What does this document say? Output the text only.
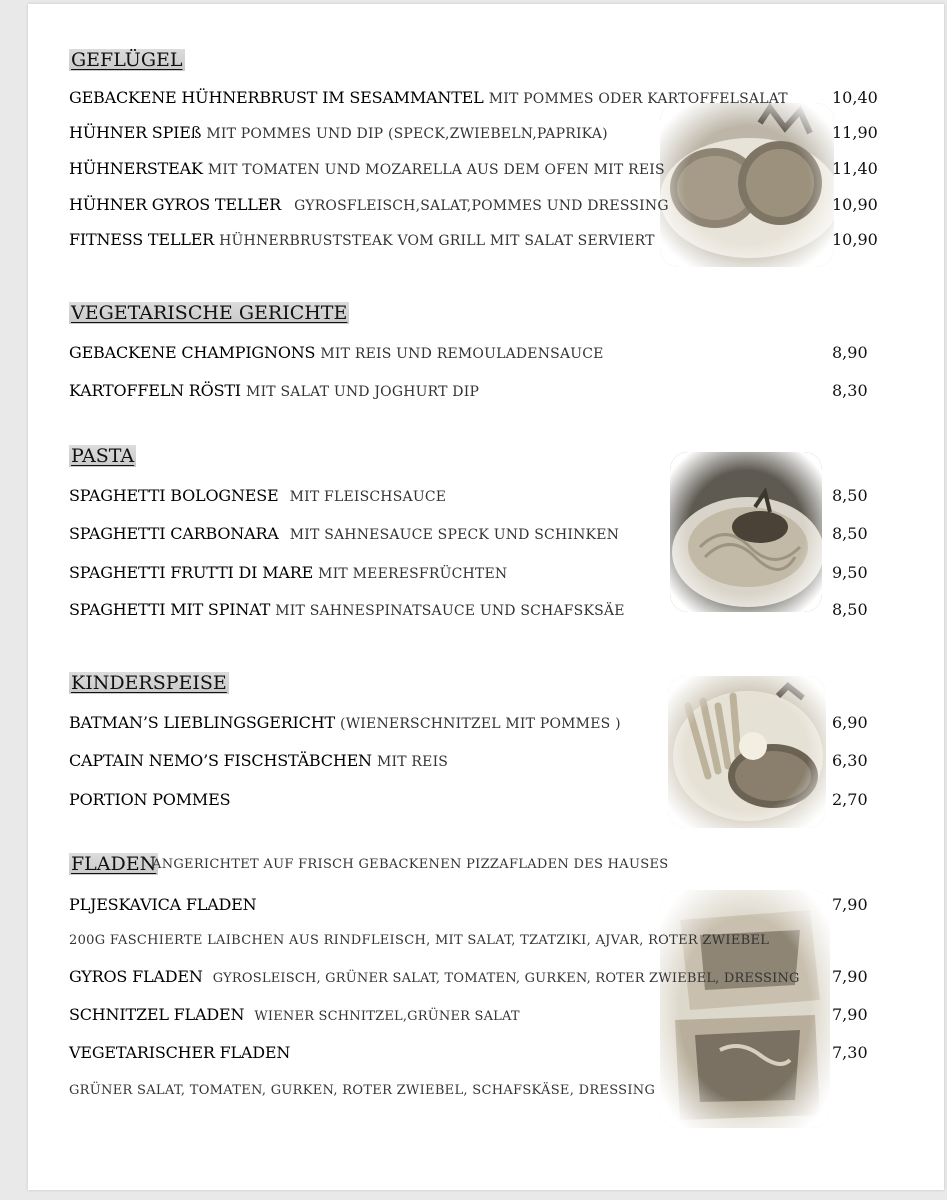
GEFLÜGEL
GEBACKENE HÜHNERBRUST IM SESAMMANTEL MIT POMMES ODER KARTOFFELSALAT	10,40
HÜHNER SPIEß MIT POMMES UND DIP (SPECK,ZWIEBELN,PAPRIKA)	11,90
HÜHNERSTEAK MIT TOMATEN UND MOZARELLA AUS DEM OFEN MIT REIS	11,40
HÜHNER GYROS TELLER GYROSFLEISCH,SALAT,POMMES UND DRESSING	10,90
FITNESS TELLER HÜHNERBRUSTSTEAK VOM GRILL MIT SALAT SERVIERT	10,90
VEGETARISCHE GERICHTE
GEBACKENE CHAMPIGNONS MIT REIS UND REMOULADENSAUCE	8,90
KARTOFFELN RÖSTI MIT SALAT UND JOGHURT DIP	8,30
PASTA
SPAGHETTI BOLOGNESE MIT FLEISCHSAUCE	8,50
SPAGHETTI CARBONARA MIT SAHNESAUCE SPECK UND SCHINKEN	8,50
SPAGHETTI FRUTTI DI MARE MIT MEERESFRÜCHTEN	9,50
SPAGHETTI MIT SPINAT MIT SAHNESPINATSAUCE UND SCHAFSKSÄE	8,50
KINDERSPEISE
BATMAN’S LIEBLINGSGERICHT (WIENERSCHNITZEL MIT POMMES )	6,90
CAPTAIN NEMO’S FISCHSTÄBCHEN MIT REIS	6,30
PORTION POMMES	2,70
FLADEN
ANGERICHTET AUF FRISCH GEBACKENEN PIZZAFLADEN DES HAUSES
PLJESKAVICA FLADEN	7,90
200G FASCHIERTE LAIBCHEN AUS RINDFLEISCH, MIT SALAT, TZATZIKI, AJVAR, ROTER ZWIEBEL
GYROS FLADEN GYROSLEISCH, GRÜNER SALAT, TOMATEN, GURKEN, ROTER ZWIEBEL, DRESSING 7,90
SCHNITZEL FLADEN WIENER SCHNITZEL,GRÜNER SALAT	7,90
VEGETARISCHER FLADEN	7,30
GRÜNER SALAT, TOMATEN, GURKEN, ROTER ZWIEBEL, SCHAFSKÄSE, DRESSING
